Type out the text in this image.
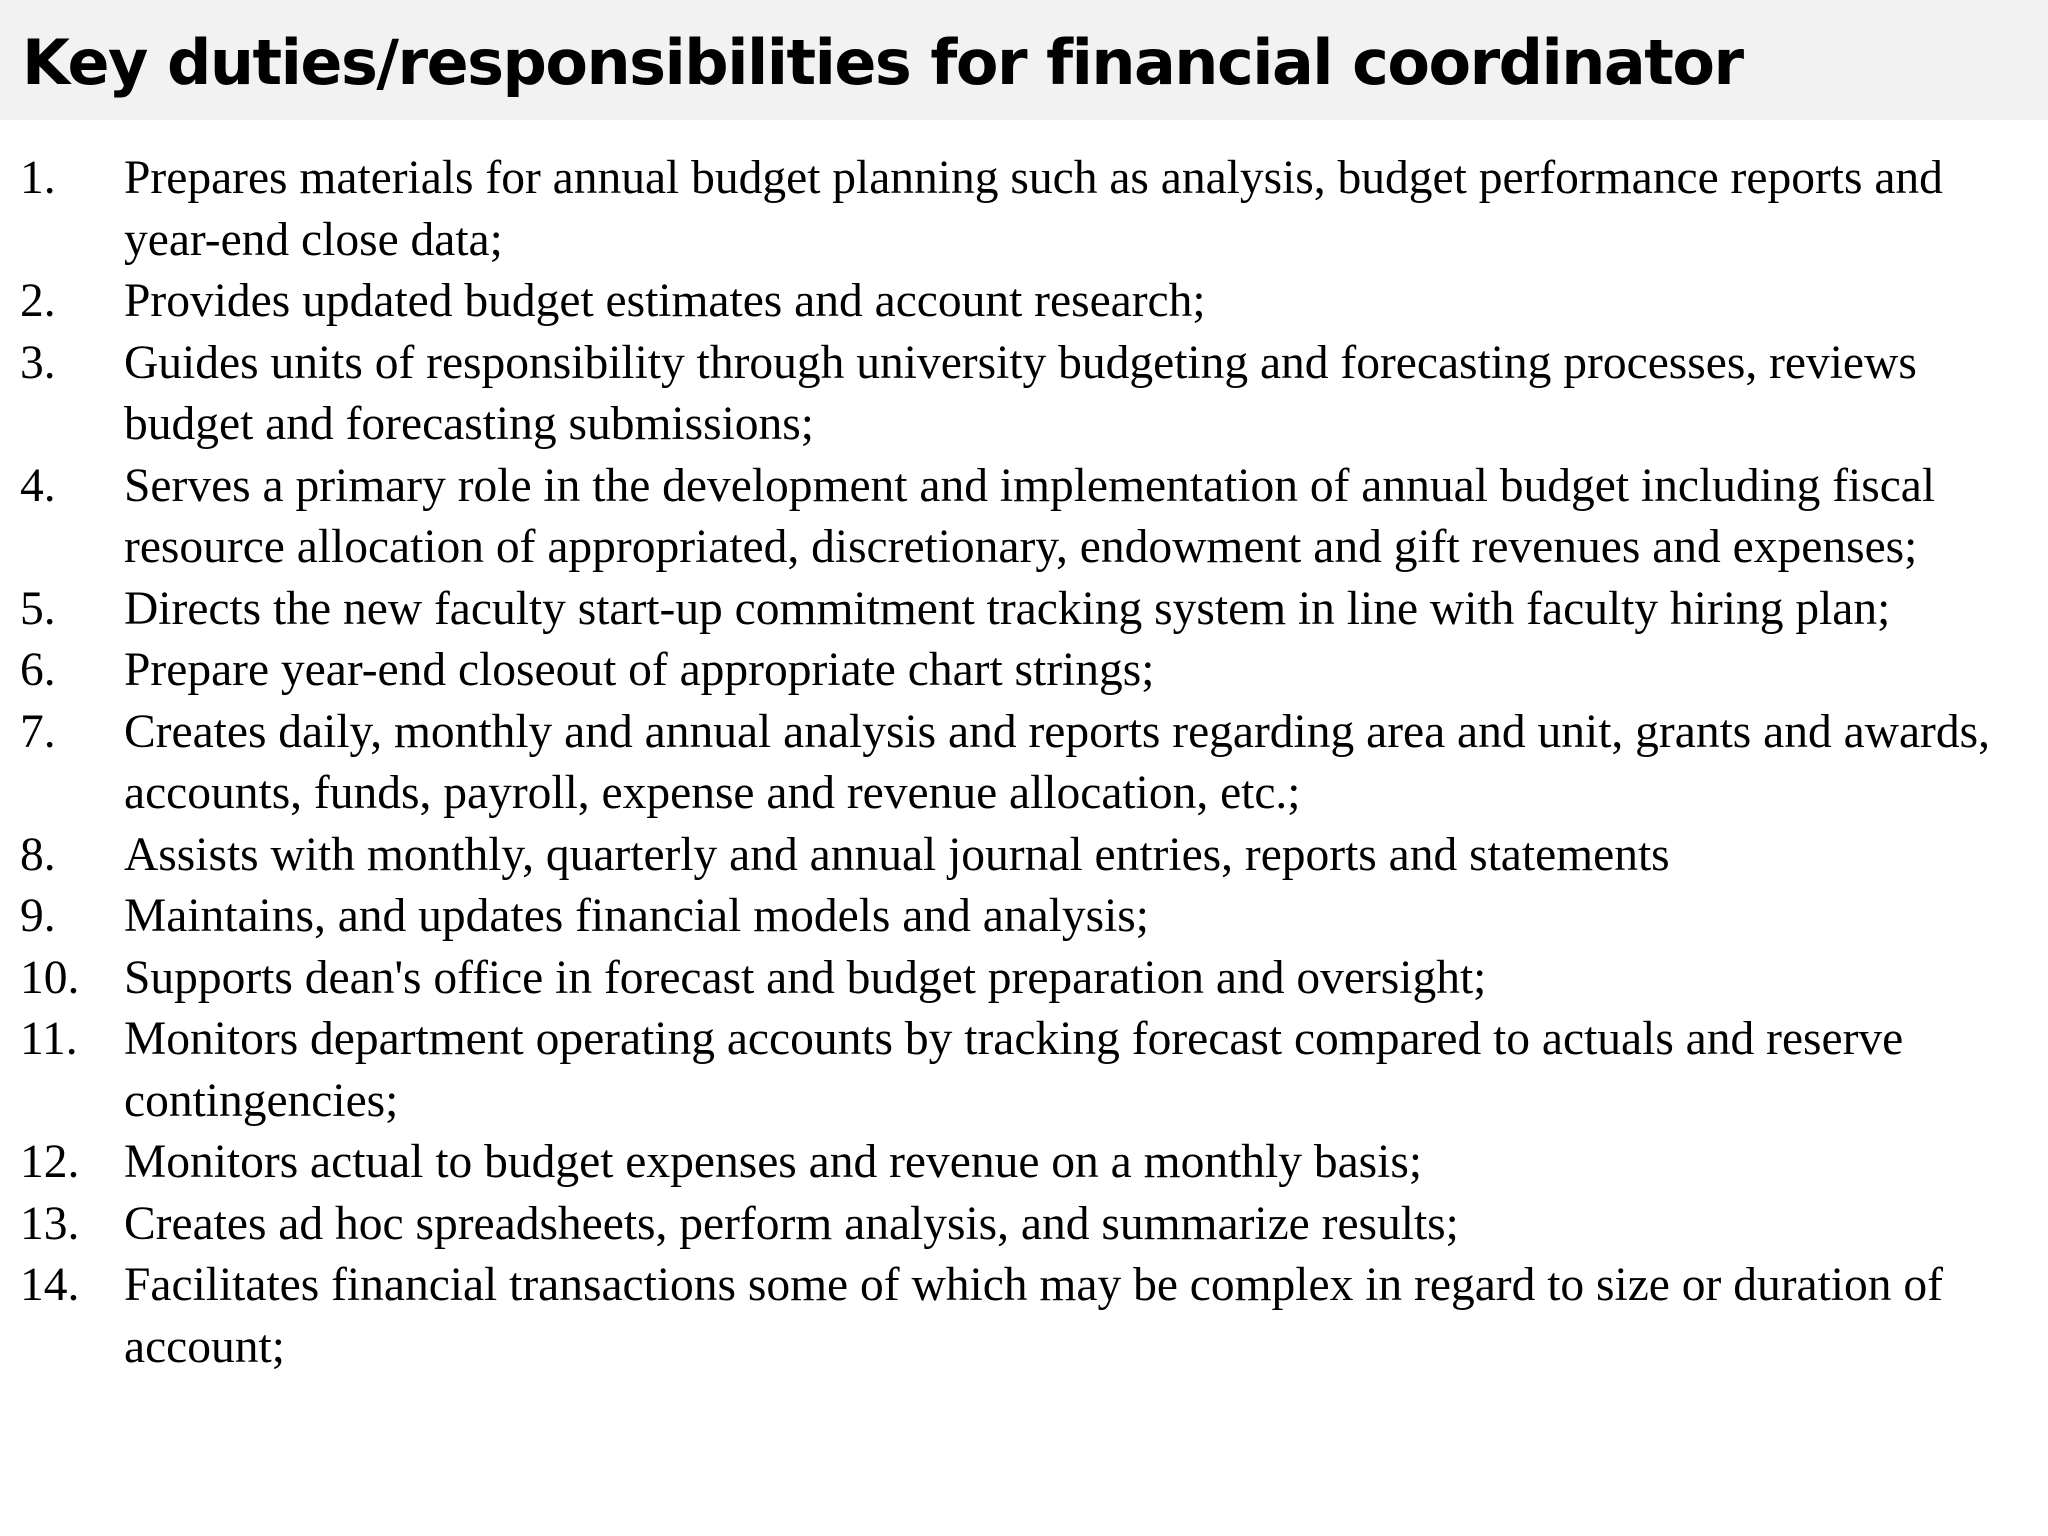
Key duties/responsibilities for financial coordinator
1.	Prepares materials for annual budget planning such as analysis, budget performance reports and year-end close data;
2.	Provides updated budget estimates and account research;
3.	Guides units of responsibility through university budgeting and forecasting processes, reviews budget and forecasting submissions;
4.	Serves a primary role in the development and implementation of annual budget including fiscal resource allocation of appropriated, discretionary, endowment and gift revenues and expenses;
5.	Directs the new faculty start-up commitment tracking system in line with faculty hiring plan;
6.	Prepare year-end closeout of appropriate chart strings;
7.	Creates daily, monthly and annual analysis and reports regarding area and unit, grants and awards, accounts, funds, payroll, expense and revenue allocation, etc.;
8.	Assists with monthly, quarterly and annual journal entries, reports and statements
9.	Maintains, and updates financial models and analysis;
10. Supports dean's office in forecast and budget preparation and oversight;
11. Monitors department operating accounts by tracking forecast compared to actuals and reserve contingencies;
12. Monitors actual to budget expenses and revenue on a monthly basis;
13. Creates ad hoc spreadsheets, perform analysis, and summarize results;
14. Facilitates financial transactions some of which may be complex in regard to size or duration of account;
